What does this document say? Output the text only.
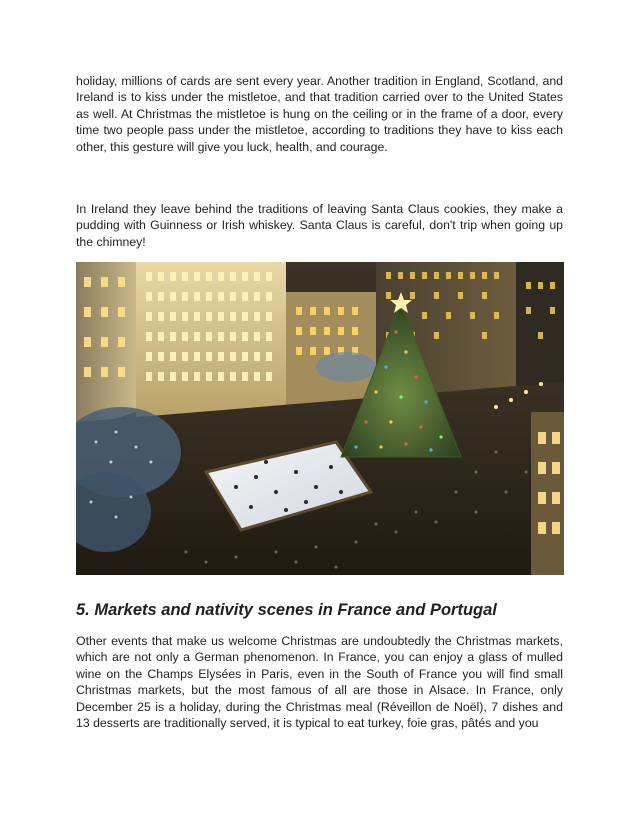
holiday, millions of cards are sent every year. Another tradition in England, Scotland, and Ireland is to kiss under the mistletoe, and that tradition carried over to the United States as well. At Christmas the mistletoe is hung on the ceiling or in the frame of a door, every time two people pass under the mistletoe, according to traditions they have to kiss each other, this gesture will give you luck, health, and courage.

In Ireland they leave behind the traditions of leaving Santa Claus cookies, they make a pudding with Guinness or Irish whiskey. Santa Claus is careful, don't trip when going up the chimney!

5. Markets and nativity scenes in France and Portugal

Other events that make us welcome Christmas are undoubtedly the Christmas markets, which are not only a German phenomenon. In France, you can enjoy a glass of mulled wine on the Champs Elysées in Paris, even in the South of France you will find small Christmas markets, but the most famous of all are those in Alsace. In France, only December 25 is a holiday, during the Christmas meal (Réveillon de Noël), 7 dishes and 13 desserts are traditionally served, it is typical to eat turkey, foie gras, pâtés and you
